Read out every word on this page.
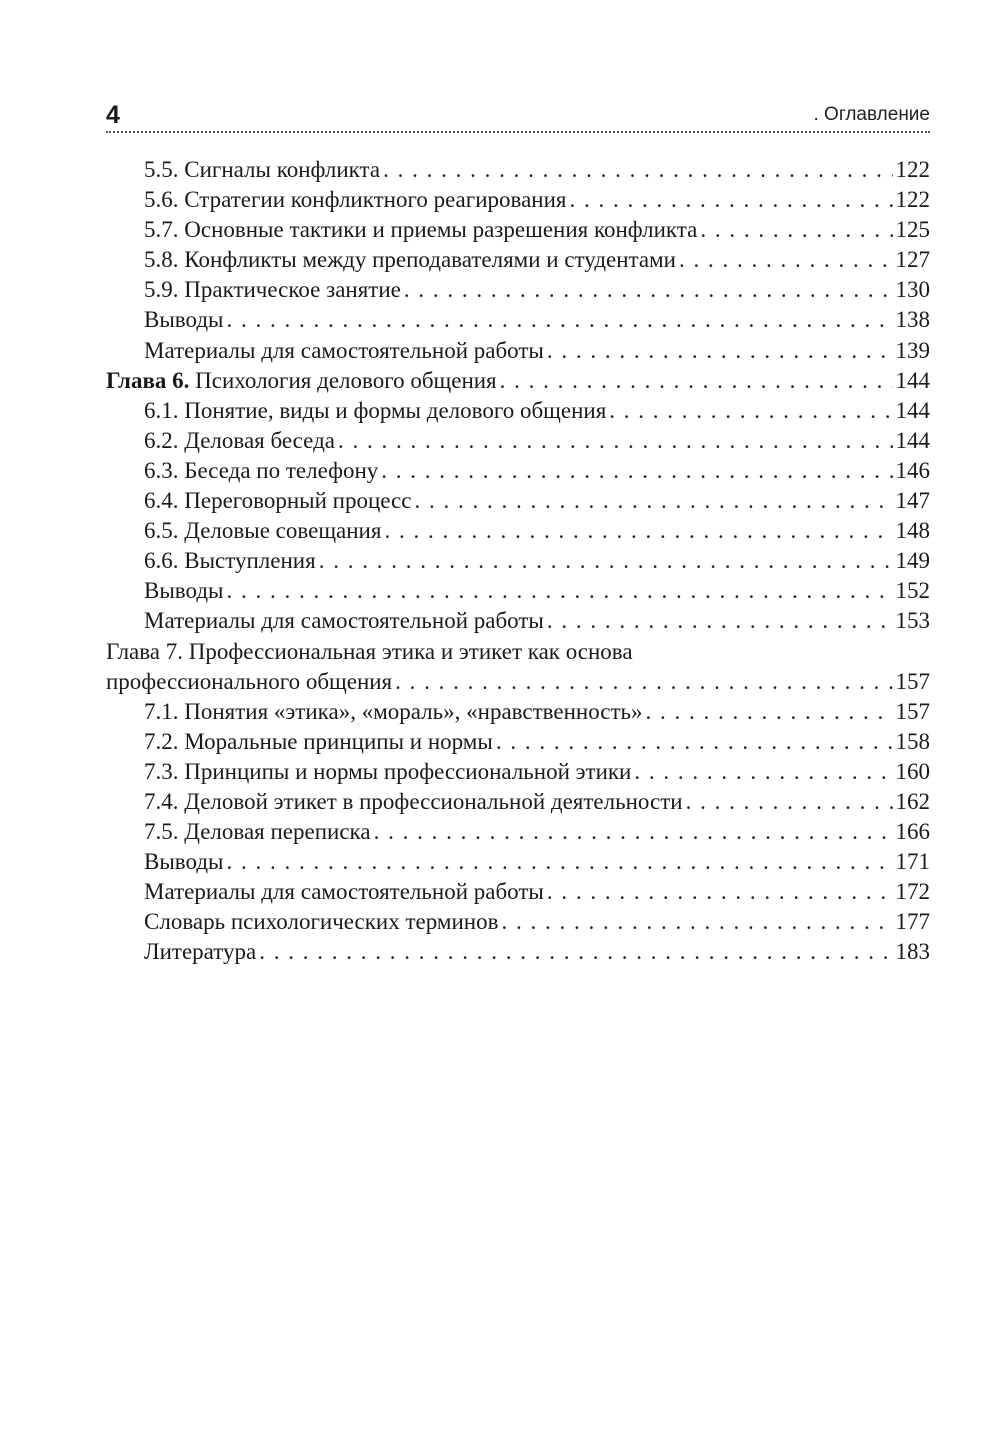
4	. Оглавление
5.5. Сигналы конфликта . . .	122
5.6. Стратегии конфликтного реагирования . . .	122
5.7. Основные тактики и приемы разрешения конфликта . . .	125
5.8. Конфликты между преподавателями и студентами . . .	127
5.9. Практическое занятие . . .	130
Выводы . . .	138
Материалы для самостоятельной работы . . .	139
Глава 6. Психология делового общения . . .	144
6.1. Понятие, виды и формы делового общения . . .	144
6.2. Деловая беседа . . .	144
6.3. Беседа по телефону . . .	146
6.4. Переговорный процесс . . .	147
6.5. Деловые совещания . . .	148
6.6. Выступления . . .	149
Выводы . . .	152
Материалы для самостоятельной работы . . .	153
Глава 7. Профессиональная этика и этикет как основа
профессионального общения . . .	157
7.1. Понятия «этика», «мораль», «нравственность» . . .	157
7.2. Моральные принципы и нормы . . .	158
7.3. Принципы и нормы профессиональной этики . . .	160
7.4. Деловой этикет в профессиональной деятельности . . .	162
7.5. Деловая переписка . . .	166
Выводы . . .	171
Материалы для самостоятельной работы . . .	172
Словарь психологических терминов . . .	177
Литература . . .	183
